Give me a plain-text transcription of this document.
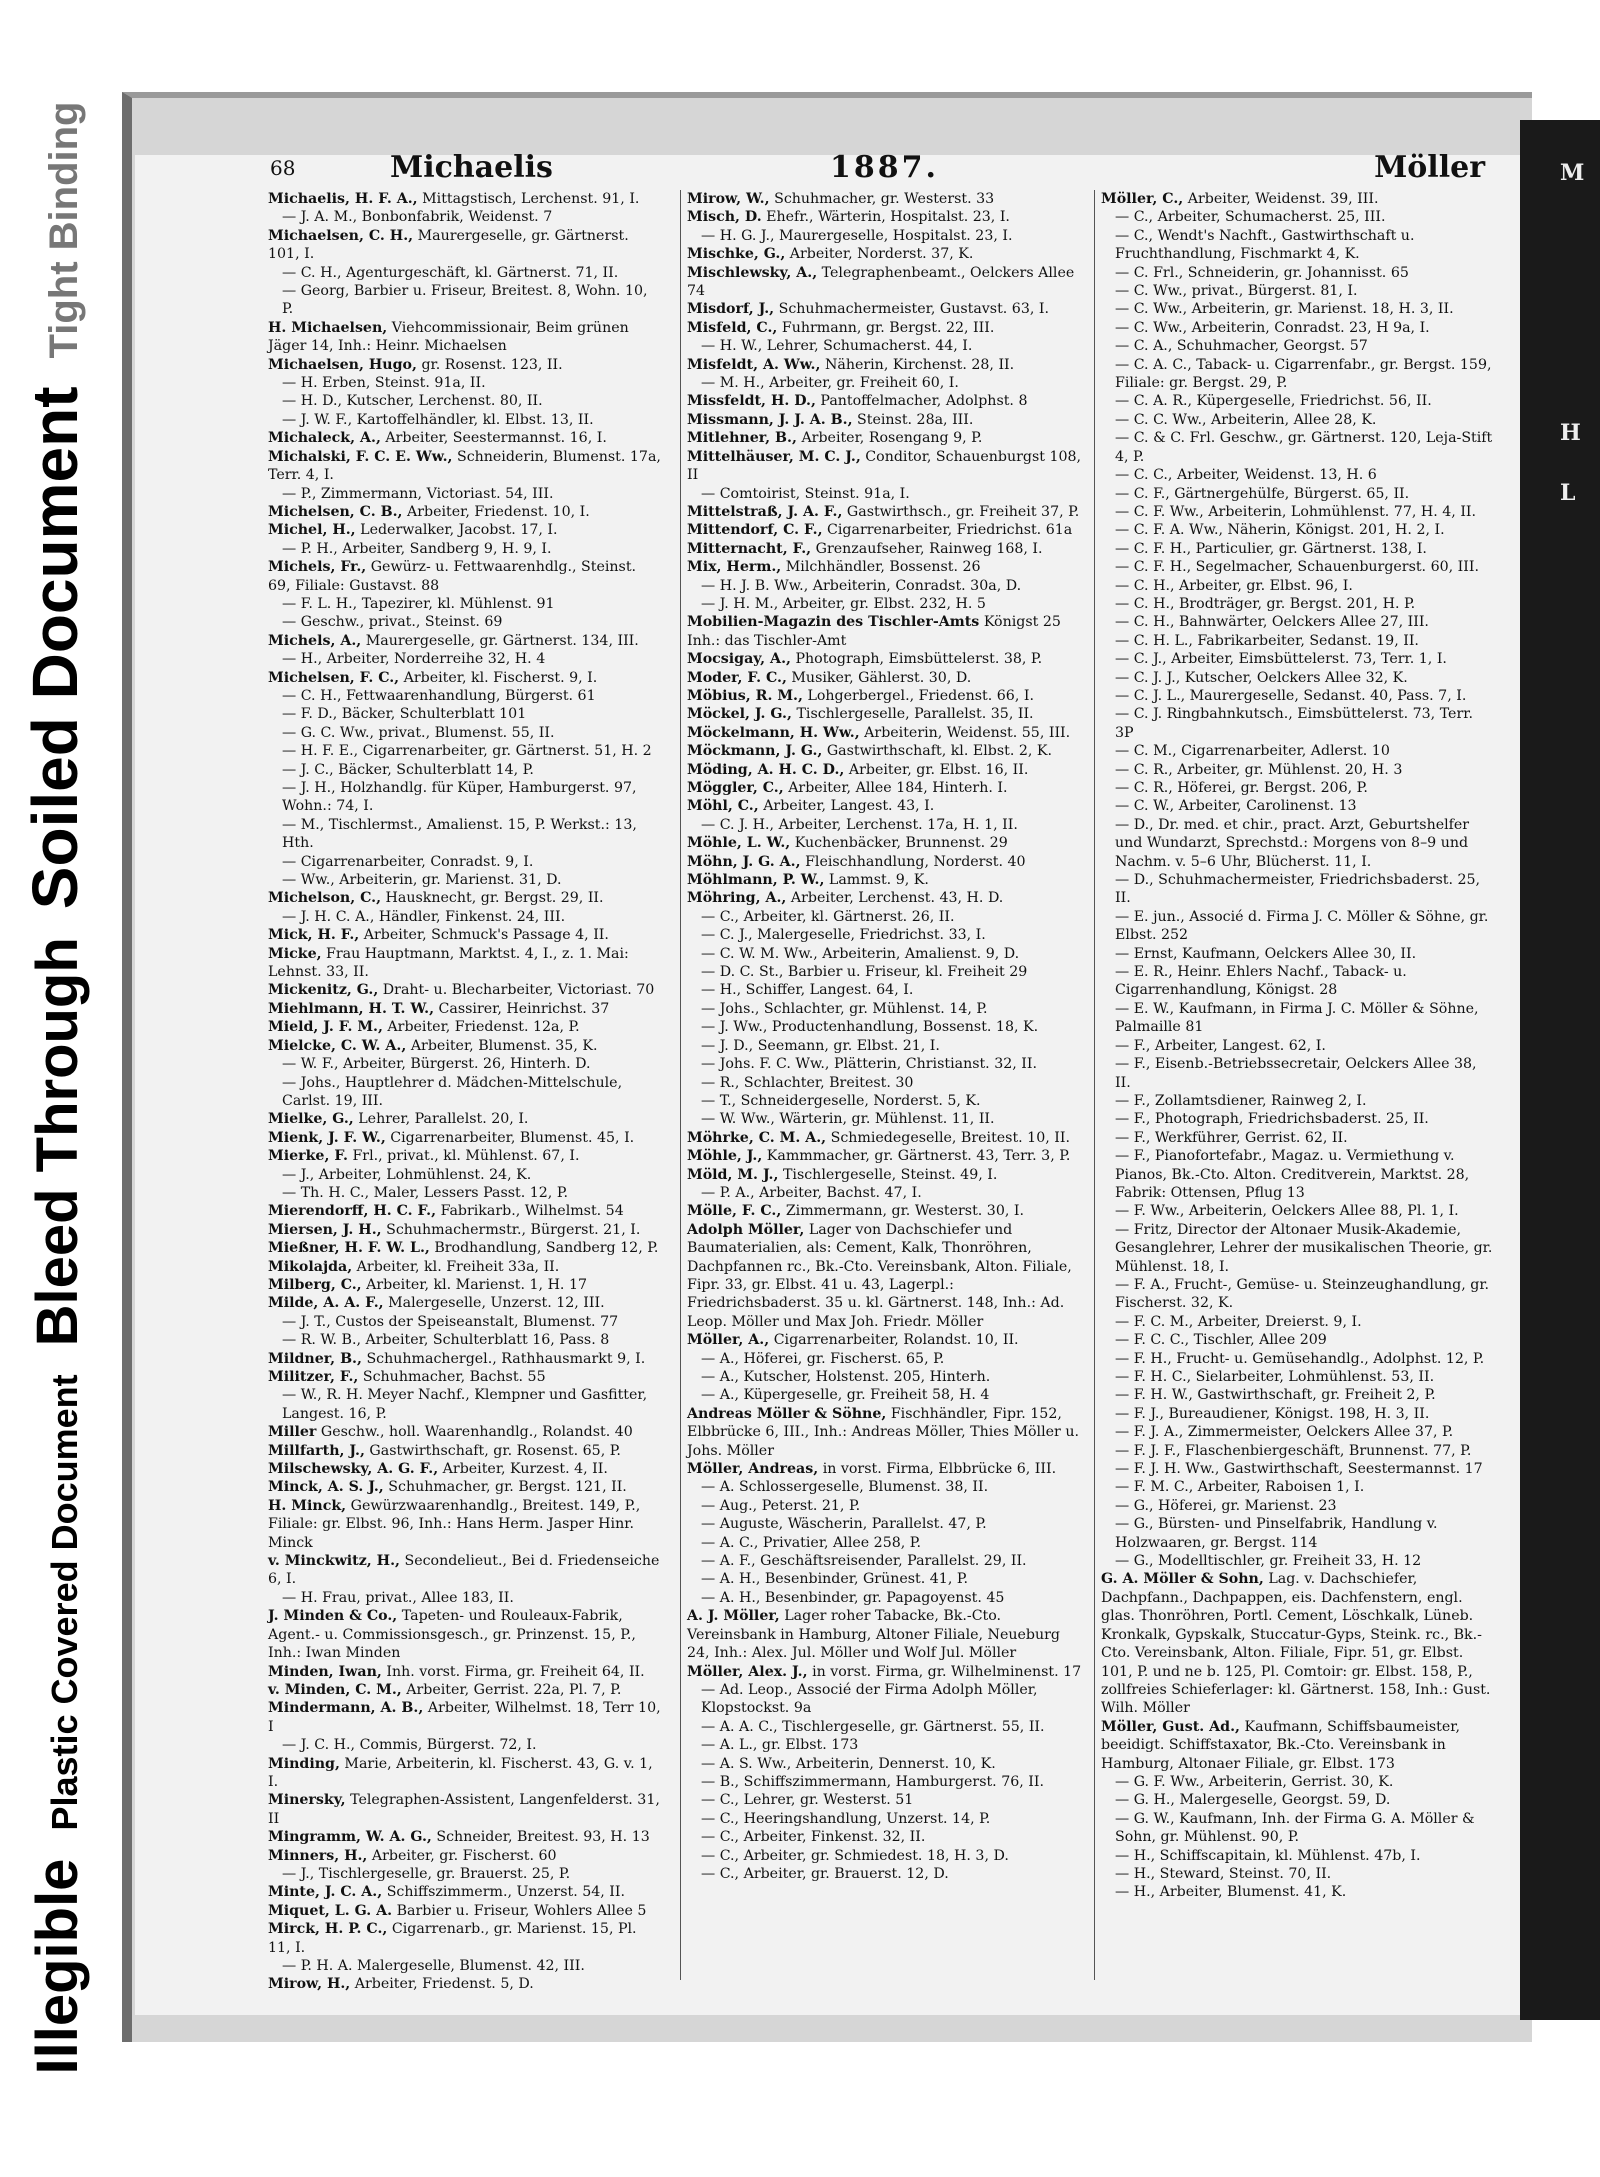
Illegible
Plastic Covered Document
Bleed Through
Soiled Document
Tight Binding	M
H
L
68	Michaelis	1887.	Möller

Michaelis, H. F. A., Mittagstisch, Lerchenst. 91, I.

— J. A. M., Bonbonfabrik, Weidenst. 7

Michaelsen, C. H., Maurergeselle, gr. Gärtnerst. 101, I.

— C. H., Agenturgeschäft, kl. Gärtnerst. 71, II.

— Georg, Barbier u. Friseur, Breitest. 8, Wohn. 10, P.

H. Michaelsen, Viehcommissionair, Beim grünen Jäger 14, Inh.: Heinr. Michaelsen

Michaelsen, Hugo, gr. Rosenst. 123, II.

— H. Erben, Steinst. 91a, II.

— H. D., Kutscher, Lerchenst. 80, II.

— J. W. F., Kartoffelhändler, kl. Elbst. 13, II.

Michaleck, A., Arbeiter, Seestermannst. 16, I.

Michalski, F. C. E. Ww., Schneiderin, Blumenst. 17a, Terr. 4, I.

— P., Zimmermann, Victoriast. 54, III.

Michelsen, C. B., Arbeiter, Friedenst. 10, I.

Michel, H., Lederwalker, Jacobst. 17, I.

— P. H., Arbeiter, Sandberg 9, H. 9, I.

Michels, Fr., Gewürz- u. Fettwaarenhdlg., Steinst. 69, Filiale: Gustavst. 88

— F. L. H., Tapezirer, kl. Mühlenst. 91

— Geschw., privat., Steinst. 69

Michels, A., Maurergeselle, gr. Gärtnerst. 134, III.

— H., Arbeiter, Norderreihe 32, H. 4

Michelsen, F. C., Arbeiter, kl. Fischerst. 9, I.

— C. H., Fettwaarenhandlung, Bürgerst. 61

— F. D., Bäcker, Schulterblatt 101

— G. C. Ww., privat., Blumenst. 55, II.

— H. F. E., Cigarrenarbeiter, gr. Gärtnerst. 51, H. 2

— J. C., Bäcker, Schulterblatt 14, P.

— J. H., Holzhandlg. für Küper, Hamburgerst. 97, Wohn.: 74, I.

— M., Tischlermst., Amalienst. 15, P. Werkst.: 13, Hth.

— Cigarrenarbeiter, Conradst. 9, I.

— Ww., Arbeiterin, gr. Marienst. 31, D.

Michelson, C., Hausknecht, gr. Bergst. 29, II.

— J. H. C. A., Händler, Finkenst. 24, III.

Mick, H. F., Arbeiter, Schmuck's Passage 4, II.

Micke, Frau Hauptmann, Marktst. 4, I., z. 1. Mai: Lehnst. 33, II.

Mickenitz, G., Draht- u. Blecharbeiter, Victoriast. 70

Miehlmann, H. T. W., Cassirer, Heinrichst. 37

Mield, J. F. M., Arbeiter, Friedenst. 12a, P.

Mielcke, C. W. A., Arbeiter, Blumenst. 35, K.

— W. F., Arbeiter, Bürgerst. 26, Hinterh. D.

— Johs., Hauptlehrer d. Mädchen-Mittelschule, Carlst. 19, III.

Mielke, G., Lehrer, Parallelst. 20, I.

Mienk, J. F. W., Cigarrenarbeiter, Blumenst. 45, I.

Mierke, F. Frl., privat., kl. Mühlenst. 67, I.

— J., Arbeiter, Lohmühlenst. 24, K.

— Th. H. C., Maler, Lessers Passt. 12, P.

Mierendorff, H. C. F., Fabrikarb., Wilhelmst. 54

Miersen, J. H., Schuhmachermstr., Bürgerst. 21, I.

Mießner, H. F. W. L., Brodhandlung, Sandberg 12, P.

Mikolajda, Arbeiter, kl. Freiheit 33a, II.

Milberg, C., Arbeiter, kl. Marienst. 1, H. 17

Milde, A. A. F., Malergeselle, Unzerst. 12, III.

— J. T., Custos der Speiseanstalt, Blumenst. 77

— R. W. B., Arbeiter, Schulterblatt 16, Pass. 8

Mildner, B., Schuhmachergel., Rathhausmarkt 9, I.

Militzer, F., Schuhmacher, Bachst. 55

— W., R. H. Meyer Nachf., Klempner und Gasfitter, Langest. 16, P.

Miller Geschw., holl. Waarenhandlg., Rolandst. 40

Millfarth, J., Gastwirthschaft, gr. Rosenst. 65, P.

Milschewsky, A. G. F., Arbeiter, Kurzest. 4, II.

Minck, A. S. J., Schuhmacher, gr. Bergst. 121, II.

H. Minck, Gewürzwaarenhandlg., Breitest. 149, P., Filiale: gr. Elbst. 96, Inh.: Hans Herm. Jasper Hinr. Minck

v. Minckwitz, H., Secondelieut., Bei d. Friedenseiche 6, I.

— H. Frau, privat., Allee 183, II.

J. Minden & Co., Tapeten- und Rouleaux-Fabrik, Agent.- u. Commissionsgesch., gr. Prinzenst. 15, P., Inh.: Iwan Minden

Minden, Iwan, Inh. vorst. Firma, gr. Freiheit 64, II.

v. Minden, C. M., Arbeiter, Gerrist. 22a, Pl. 7, P.

Mindermann, A. B., Arbeiter, Wilhelmst. 18, Terr 10, I

— J. C. H., Commis, Bürgerst. 72, I.

Minding, Marie, Arbeiterin, kl. Fischerst. 43, G. v. 1, I.

Minersky, Telegraphen-Assistent, Langenfelderst. 31, II

Mingramm, W. A. G., Schneider, Breitest. 93, H. 13

Minners, H., Arbeiter, gr. Fischerst. 60

— J., Tischlergeselle, gr. Brauerst. 25, P.

Minte, J. C. A., Schiffszimmerm., Unzerst. 54, II.

Miquet, L. G. A. Barbier u. Friseur, Wohlers Allee 5

Mirck, H. P. C., Cigarrenarb., gr. Marienst. 15, Pl. 11, I.

— P. H. A. Malergeselle, Blumenst. 42, III.

Mirow, H., Arbeiter, Friedenst. 5, D.

Mirow, W., Schuhmacher, gr. Westerst. 33

Misch, D. Ehefr., Wärterin, Hospitalst. 23, I.

— H. G. J., Maurergeselle, Hospitalst. 23, I.

Mischke, G., Arbeiter, Norderst. 37, K.

Mischlewsky, A., Telegraphenbeamt., Oelckers Allee 74

Misdorf, J., Schuhmachermeister, Gustavst. 63, I.

Misfeld, C., Fuhrmann, gr. Bergst. 22, III.

— H. W., Lehrer, Schumacherst. 44, I.

Misfeldt, A. Ww., Näherin, Kirchenst. 28, II.

— M. H., Arbeiter, gr. Freiheit 60, I.

Missfeldt, H. D., Pantoffelmacher, Adolphst. 8

Missmann, J. J. A. B., Steinst. 28a, III.

Mitlehner, B., Arbeiter, Rosengang 9, P.

Mittelhäuser, M. C. J., Conditor, Schauenburgst 108, II

— Comtoirist, Steinst. 91a, I.

Mittelstraß, J. A. F., Gastwirthsch., gr. Freiheit 37, P.

Mittendorf, C. F., Cigarrenarbeiter, Friedrichst. 61a

Mitternacht, F., Grenzaufseher, Rainweg 168, I.

Mix, Herm., Milchhändler, Bossenst. 26

— H. J. B. Ww., Arbeiterin, Conradst. 30a, D.

— J. H. M., Arbeiter, gr. Elbst. 232, H. 5

Mobilien-Magazin des Tischler-Amts Königst 25 Inh.: das Tischler-Amt

Mocsigay, A., Photograph, Eimsbüttelerst. 38, P.

Moder, F. C., Musiker, Gählerst. 30, D.

Möbius, R. M., Lohgerbergel., Friedenst. 66, I.

Möckel, J. G., Tischlergeselle, Parallelst. 35, II.

Möckelmann, H. Ww., Arbeiterin, Weidenst. 55, III.

Möckmann, J. G., Gastwirthschaft, kl. Elbst. 2, K.

Möding, A. H. C. D., Arbeiter, gr. Elbst. 16, II.

Möggler, C., Arbeiter, Allee 184, Hinterh. I.

Möhl, C., Arbeiter, Langest. 43, I.

— C. J. H., Arbeiter, Lerchenst. 17a, H. 1, II.

Möhle, L. W., Kuchenbäcker, Brunnenst. 29

Möhn, J. G. A., Fleischhandlung, Norderst. 40

Möhlmann, P. W., Lammst. 9, K.

Möhring, A., Arbeiter, Lerchenst. 43, H. D.

— C., Arbeiter, kl. Gärtnerst. 26, II.

— C. J., Malergeselle, Friedrichst. 33, I.

— C. W. M. Ww., Arbeiterin, Amalienst. 9, D.

— D. C. St., Barbier u. Friseur, kl. Freiheit 29

— H., Schiffer, Langest. 64, I.

— Johs., Schlachter, gr. Mühlenst. 14, P.

— J. Ww., Productenhandlung, Bossenst. 18, K.

— J. D., Seemann, gr. Elbst. 21, I.

— Johs. F. C. Ww., Plätterin, Christianst. 32, II.

— R., Schlachter, Breitest. 30

— T., Schneidergeselle, Norderst. 5, K.

— W. Ww., Wärterin, gr. Mühlenst. 11, II.

Möhrke, C. M. A., Schmiedegeselle, Breitest. 10, II.

Möhle, J., Kammmacher, gr. Gärtnerst. 43, Terr. 3, P.

Möld, M. J., Tischlergeselle, Steinst. 49, I.

— P. A., Arbeiter, Bachst. 47, I.

Mölle, F. C., Zimmermann, gr. Westerst. 30, I.

Adolph Möller, Lager von Dachschiefer und Baumaterialien, als: Cement, Kalk, Thonröhren, Dachpfannen rc., Bk.-Cto. Vereinsbank, Alton. Filiale, Fipr. 33, gr. Elbst. 41 u. 43, Lagerpl.: Friedrichsbaderst. 35 u. kl. Gärtnerst. 148, Inh.: Ad. Leop. Möller und Max Joh. Friedr. Möller

Möller, A., Cigarrenarbeiter, Rolandst. 10, II.

— A., Höferei, gr. Fischerst. 65, P.

— A., Kutscher, Holstenst. 205, Hinterh.

— A., Küpergeselle, gr. Freiheit 58, H. 4

Andreas Möller & Söhne, Fischhändler, Fipr. 152, Elbbrücke 6, III., Inh.: Andreas Möller, Thies Möller u. Johs. Möller

Möller, Andreas, in vorst. Firma, Elbbrücke 6, III.

— A. Schlossergeselle, Blumenst. 38, II.

— Aug., Peterst. 21, P.

— Auguste, Wäscherin, Parallelst. 47, P.

— A. C., Privatier, Allee 258, P.

— A. F., Geschäftsreisender, Parallelst. 29, II.

— A. H., Besenbinder, Grünest. 41, P.

— A. H., Besenbinder, gr. Papagoyenst. 45

A. J. Möller, Lager roher Tabacke, Bk.-Cto. Vereinsbank in Hamburg, Altoner Filiale, Neueburg 24, Inh.: Alex. Jul. Möller und Wolf Jul. Möller

Möller, Alex. J., in vorst. Firma, gr. Wilhelminenst. 17

— Ad. Leop., Associé der Firma Adolph Möller, Klopstockst. 9a

— A. A. C., Tischlergeselle, gr. Gärtnerst. 55, II.

— A. L., gr. Elbst. 173

— A. S. Ww., Arbeiterin, Dennerst. 10, K.

— B., Schiffszimmermann, Hamburgerst. 76, II.

— C., Lehrer, gr. Westerst. 51

— C., Heeringshandlung, Unzerst. 14, P.

— C., Arbeiter, Finkenst. 32, II.

— C., Arbeiter, gr. Schmiedest. 18, H. 3, D.

— C., Arbeiter, gr. Brauerst. 12, D.

Möller, C., Arbeiter, Weidenst. 39, III.

— C., Arbeiter, Schumacherst. 25, III.

— C., Wendt's Nachft., Gastwirthschaft u. Fruchthandlung, Fischmarkt 4, K.

— C. Frl., Schneiderin, gr. Johannisst. 65

— C. Ww., privat., Bürgerst. 81, I.

— C. Ww., Arbeiterin, gr. Marienst. 18, H. 3, II.

— C. Ww., Arbeiterin, Conradst. 23, H 9a, I.

— C. A., Schuhmacher, Georgst. 57

— C. A. C., Taback- u. Cigarrenfabr., gr. Bergst. 159, Filiale: gr. Bergst. 29, P.

— C. A. R., Küpergeselle, Friedrichst. 56, II.

— C. C. Ww., Arbeiterin, Allee 28, K.

— C. & C. Frl. Geschw., gr. Gärtnerst. 120, Leja-Stift 4, P.

— C. C., Arbeiter, Weidenst. 13, H. 6

— C. F., Gärtnergehülfe, Bürgerst. 65, II.

— C. F. Ww., Arbeiterin, Lohmühlenst. 77, H. 4, II.

— C. F. A. Ww., Näherin, Königst. 201, H. 2, I.

— C. F. H., Particulier, gr. Gärtnerst. 138, I.

— C. F. H., Segelmacher, Schauenburgerst. 60, III.

— C. H., Arbeiter, gr. Elbst. 96, I.

— C. H., Brodträger, gr. Bergst. 201, H. P.

— C. H., Bahnwärter, Oelckers Allee 27, III.

— C. H. L., Fabrikarbeiter, Sedanst. 19, II.

— C. J., Arbeiter, Eimsbüttelerst. 73, Terr. 1, I.

— C. J. J., Kutscher, Oelckers Allee 32, K.

— C. J. L., Maurergeselle, Sedanst. 40, Pass. 7, I.

— C. J. Ringbahnkutsch., Eimsbüttelerst. 73, Terr. 3P

— C. M., Cigarrenarbeiter, Adlerst. 10

— C. R., Arbeiter, gr. Mühlenst. 20, H. 3

— C. R., Höferei, gr. Bergst. 206, P.

— C. W., Arbeiter, Carolinenst. 13

— D., Dr. med. et chir., pract. Arzt, Geburtshelfer und Wundarzt, Sprechstd.: Morgens von 8–9 und Nachm. v. 5–6 Uhr, Blücherst. 11, I.

— D., Schuhmachermeister, Friedrichsbaderst. 25, II.

— E. jun., Associé d. Firma J. C. Möller & Söhne, gr. Elbst. 252

— Ernst, Kaufmann, Oelckers Allee 30, II.

— E. R., Heinr. Ehlers Nachf., Taback- u. Cigarrenhandlung, Königst. 28

— E. W., Kaufmann, in Firma J. C. Möller & Söhne, Palmaille 81

— F., Arbeiter, Langest. 62, I.

— F., Eisenb.-Betriebssecretair, Oelckers Allee 38, II.

— F., Zollamtsdiener, Rainweg 2, I.

— F., Photograph, Friedrichsbaderst. 25, II.

— F., Werkführer, Gerrist. 62, II.

— F., Pianofortefabr., Magaz. u. Vermiethung v. Pianos, Bk.-Cto. Alton. Creditverein, Marktst. 28, Fabrik: Ottensen, Pflug 13

— F. Ww., Arbeiterin, Oelckers Allee 88, Pl. 1, I.

— Fritz, Director der Altonaer Musik-Akademie, Gesanglehrer, Lehrer der musikalischen Theorie, gr. Mühlenst. 18, I.

— F. A., Frucht-, Gemüse- u. Steinzeughandlung, gr. Fischerst. 32, K.

— F. C. M., Arbeiter, Dreierst. 9, I.

— F. C. C., Tischler, Allee 209

— F. H., Frucht- u. Gemüsehandlg., Adolphst. 12, P.

— F. H. C., Sielarbeiter, Lohmühlenst. 53, II.

— F. H. W., Gastwirthschaft, gr. Freiheit 2, P.

— F. J., Bureaudiener, Königst. 198, H. 3, II.

— F. J. A., Zimmermeister, Oelckers Allee 37, P.

— F. J. F., Flaschenbiergeschäft, Brunnenst. 77, P.

— F. J. H. Ww., Gastwirthschaft, Seestermannst. 17

— F. M. C., Arbeiter, Raboisen 1, I.

— G., Höferei, gr. Marienst. 23

— G., Bürsten- und Pinselfabrik, Handlung v. Holzwaaren, gr. Bergst. 114

— G., Modelltischler, gr. Freiheit 33, H. 12

G. A. Möller & Sohn, Lag. v. Dachschiefer, Dachpfann., Dachpappen, eis. Dachfenstern, engl. glas. Thonröhren, Portl. Cement, Löschkalk, Lüneb. Kronkalk, Gypskalk, Stuccatur-Gyps, Steink. rc., Bk.-Cto. Vereinsbank, Alton. Filiale, Fipr. 51, gr. Elbst. 101, P. und ne b. 125, Pl. Comtoir: gr. Elbst. 158, P., zollfreies Schieferlager: kl. Gärtnerst. 158, Inh.: Gust. Wilh. Möller

Möller, Gust. Ad., Kaufmann, Schiffsbaumeister, beeidigt. Schiffstaxator, Bk.-Cto. Vereinsbank in Hamburg, Altonaer Filiale, gr. Elbst. 173

— G. F. Ww., Arbeiterin, Gerrist. 30, K.

— G. H., Malergeselle, Georgst. 59, D.

— G. W., Kaufmann, Inh. der Firma G. A. Möller & Sohn, gr. Mühlenst. 90, P.

— H., Schiffscapitain, kl. Mühlenst. 47b, I.

— H., Steward, Steinst. 70, II.

— H., Arbeiter, Blumenst. 41, K.
